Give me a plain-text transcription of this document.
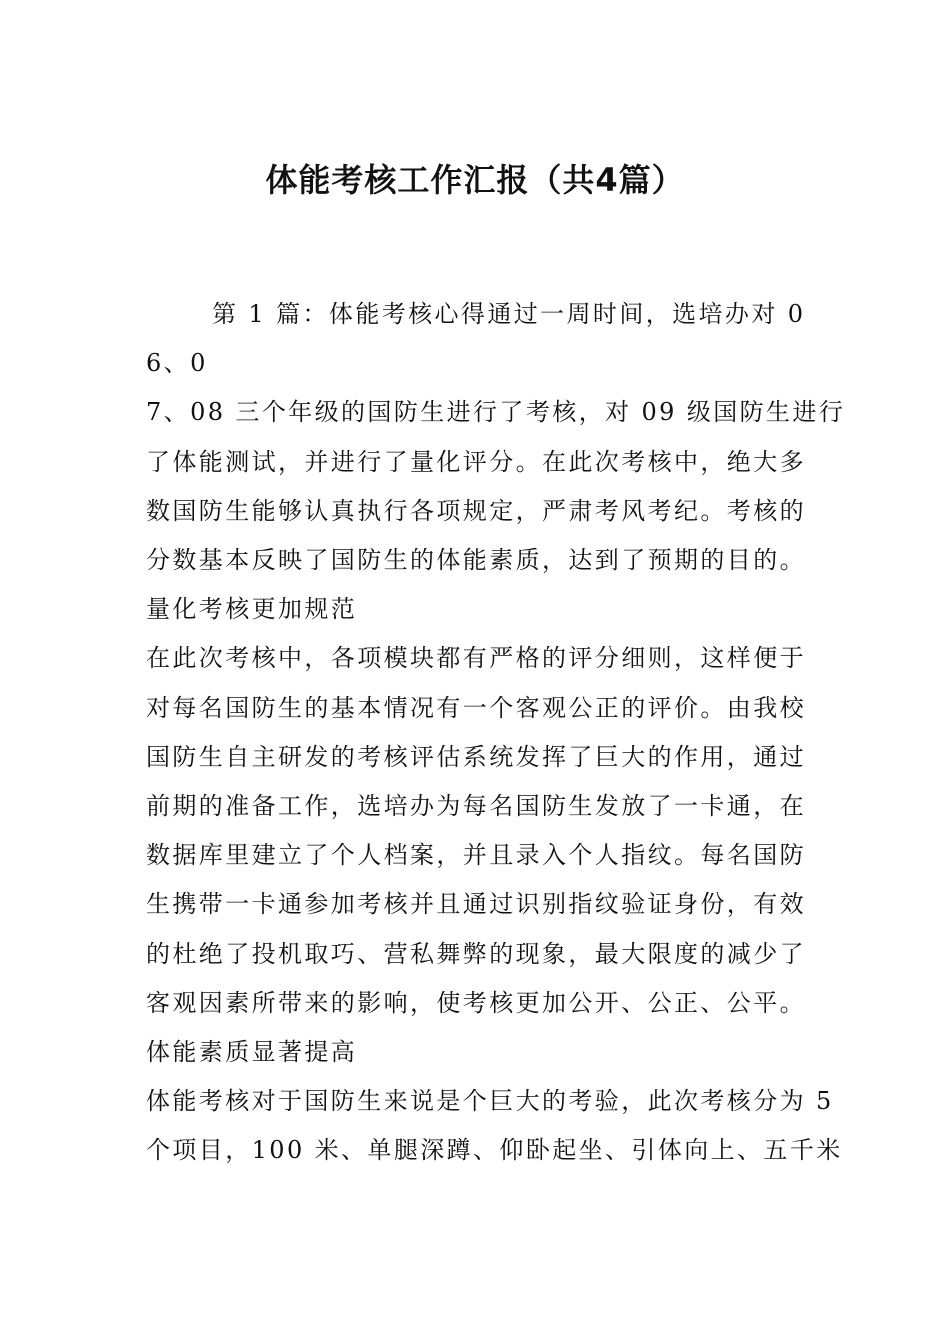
体能考核工作汇报（共4篇）

第 1 篇：体能考核心得通过一周时间，选培办对 0

6、0

7、08 三个年级的国防生进行了考核，对 09 级国防生进行

了体能测试，并进行了量化评分。在此次考核中，绝大多

数国防生能够认真执行各项规定，严肃考风考纪。考核的

分数基本反映了国防生的体能素质，达到了预期的目的。

量化考核更加规范

在此次考核中，各项模块都有严格的评分细则，这样便于

对每名国防生的基本情况有一个客观公正的评价。由我校

国防生自主研发的考核评估系统发挥了巨大的作用，通过

前期的准备工作，选培办为每名国防生发放了一卡通，在

数据库里建立了个人档案，并且录入个人指纹。每名国防

生携带一卡通参加考核并且通过识别指纹验证身份，有效

的杜绝了投机取巧、营私舞弊的现象，最大限度的减少了

客观因素所带来的影响，使考核更加公开、公正、公平。

体能素质显著提高

体能考核对于国防生来说是个巨大的考验，此次考核分为 5

个项目，100 米、单腿深蹲、仰卧起坐、引体向上、五千米
